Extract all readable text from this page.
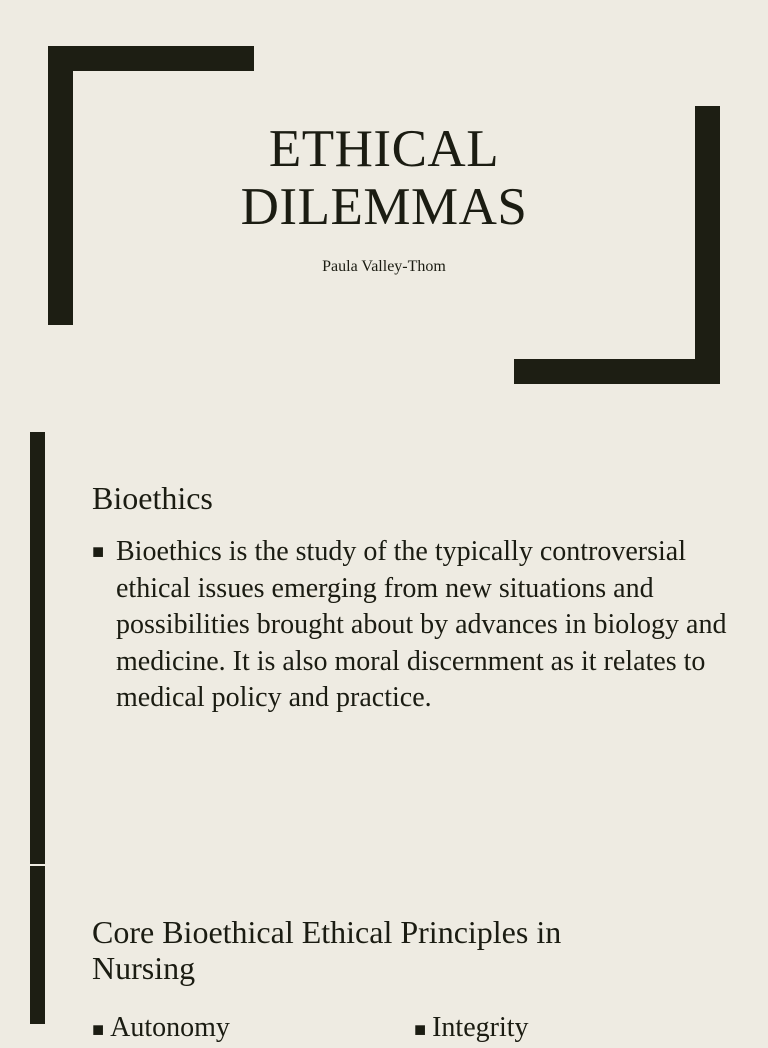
ETHICAL
DILEMMAS

Paula Valley-Thom

Bioethics
■ Bioethics is the study of the typically controversial ethical issues emerging from new situations and possibilities brought about by advances in biology and medicine. It is also moral discernment as it relates to medical policy and practice.

Core Bioethical Ethical Principles in Nursing
■ Autonomy	■ Integrity
